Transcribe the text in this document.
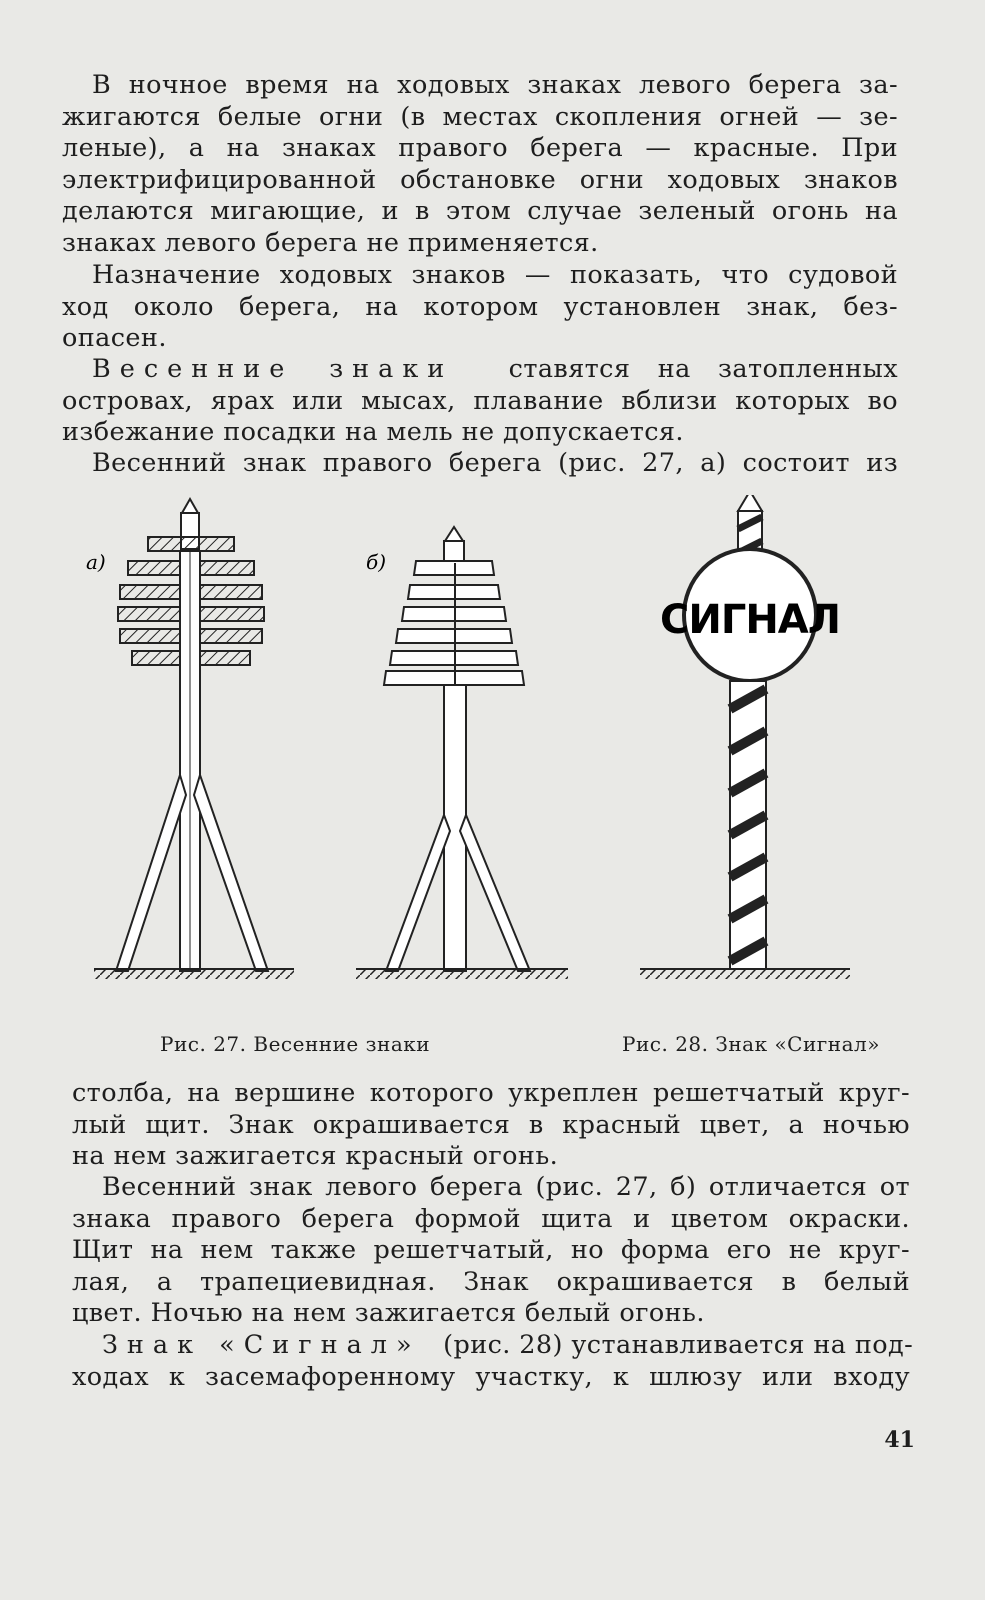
В ночное время на ходовых знаках левого берега за-
жигаются белые огни (в местах скопления огней — зе-
леные), а на знаках правого берега — красные. При
электрифицированной обстановке огни ходовых знаков
делаются мигающие, и в этом случае зеленый огонь на
знаках левого берега не применяется.

Назначение ходовых знаков — показать, что судовой
ход около берега, на котором установлен знак, без-
опасен.

Весенние знаки ставятся на затопленных
островах, ярах или мысах, плавание вблизи которых во
избежание посадки на мель не допускается.

Весенний знак правого берега (рис. 27, а) состоит из

а)	б)
СИГНАЛ
Рис. 27. Весенние знаки	Рис. 28. Знак «Сигнал»

столба, на вершине которого укреплен решетчатый круг-
лый щит. Знак окрашивается в красный цвет, а ночью
на нем зажигается красный огонь.

Весенний знак левого берега (рис. 27, б) отличается от
знака правого берега формой щита и цветом окраски.
Щит на нем также решетчатый, но форма его не круг-
лая, а трапециевидная. Знак окрашивается в белый
цвет. Ночью на нем зажигается белый огонь.

Знак «Сигнал» (рис. 28) устанавливается на под-
ходах к засемафоренному участку, к шлюзу или входу

41
